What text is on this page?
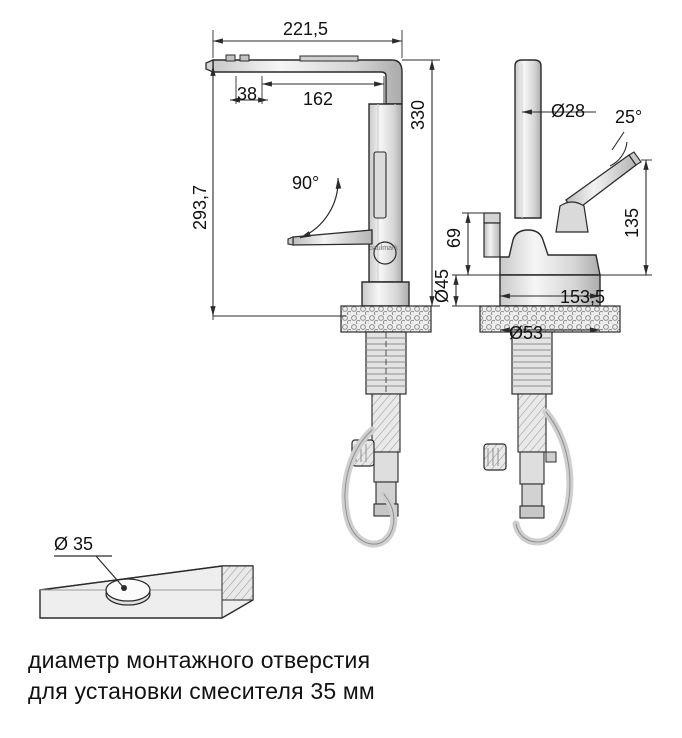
paulmark
221,5
38	162
330
293,7
90°
Ø28 25°
135
69
Ø45	153,5
Ø53
Ø 35
диаметр монтажного отверстия
для установки смесителя 35 мм
